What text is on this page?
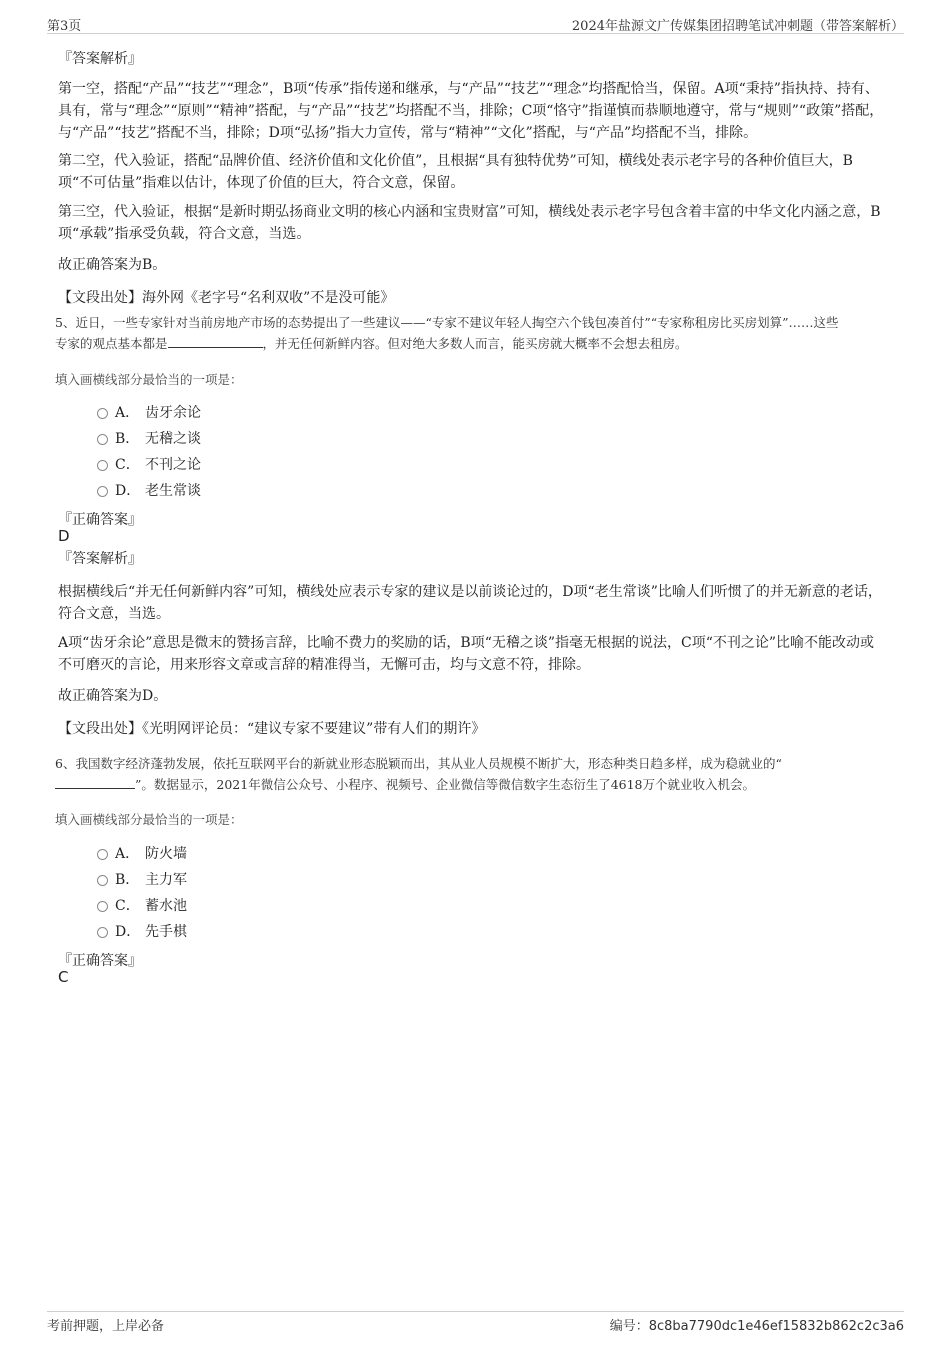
第3页	2024年盐源文广传媒集团招聘笔试冲刺题（带答案解析）
『答案解析』
第一空，搭配“产品”“技艺”“理念”，B项“传承”指传递和继承，与“产品”“技艺”“理念”均搭配恰当，保留。A项“秉持”指执持、持有、具有，常与“理念”“原则”“精神”搭配，与“产品”“技艺”均搭配不当，排除；C项“恪守”指谨慎而恭顺地遵守，常与“规则”“政策”搭配，与“产品”“技艺”搭配不当，排除；D项“弘扬”指大力宣传，常与“精神”“文化”搭配，与“产品”均搭配不当，排除。
第二空，代入验证，搭配“品牌价值、经济价值和文化价值”，且根据“具有独特优势”可知，横线处表示老字号的各种价值巨大，B项“不可估量”指难以估计，体现了价值的巨大，符合文意，保留。
第三空，代入验证，根据“是新时期弘扬商业文明的核心内涵和宝贵财富”可知，横线处表示老字号包含着丰富的中华文化内涵之意，B项“承载”指承受负载，符合文意，当选。
故正确答案为B。
【文段出处】海外网《老字号“名利双收”不是没可能》
5、近日，一些专家针对当前房地产市场的态势提出了一些建议——“专家不建议年轻人掏空六个钱包凑首付”“专家称租房比买房划算”……这些
专家的观点基本都是	，并无任何新鲜内容。但对绝大多数人而言，能买房就大概率不会想去租房。
填入画横线部分最恰当的一项是：
A． 齿牙余论
B． 无稽之谈
C． 不刊之论
D． 老生常谈
『正确答案』
D
『答案解析』
根据横线后“并无任何新鲜内容”可知，横线处应表示专家的建议是以前谈论过的，D项“老生常谈”比喻人们听惯了的并无新意的老话，符合文意，当选。
A项“齿牙余论”意思是微末的赞扬言辞，比喻不费力的奖励的话，B项“无稽之谈”指毫无根据的说法，C项“不刊之论”比喻不能改动或不可磨灭的言论，用来形容文章或言辞的精准得当，无懈可击，均与文意不符，排除。
故正确答案为D。
【文段出处】《光明网评论员：“建议专家不要建议”带有人们的期许》
6、我国数字经济蓬勃发展，依托互联网平台的新就业形态脱颖而出，其从业人员规模不断扩大，形态种类日趋多样，成为稳就业的“
”。数据显示，2021年微信公众号、小程序、视频号、企业微信等微信数字生态衍生了4618万个就业收入机会。
填入画横线部分最恰当的一项是：
A． 防火墙
B． 主力军
C． 蓄水池
D． 先手棋
『正确答案』
C
考前押题，上岸必备	编号：8c8ba7790dc1e46ef15832b862c2c3a6
